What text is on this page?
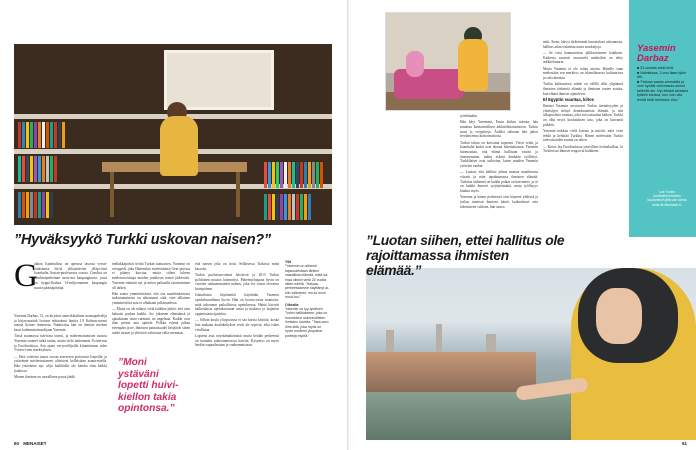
”Hyväksyykö Turkki uskovan naisen?”
G

alatan Istanbulissa on upeassa tasossa verrat-tuuksiensa liit-tä ylikäyttävien ylläpi-tävä Istanbulin Aasian-puoleisessa osassa. Camlica on muslimiperhetnan suosi-ma kaupunginosa, jossa on hyppo-lkaltua 14-miljoonainen kaupungin suuria päässäpiirtäja.

Yasemin Darbaz, 31, on kirjoitut antavikkialinen uransapalvelija ja kirjaa-mattuk Isotoon tehtävänsä hinttia 1,9 Kolmas-uarnsi sanoia ltyinee ihmisesta. Naimisissa hän on ihmiset miehen hassi kolmanstoimaolijaan Yasemin.

Tässä asunnossa tuleivata toimii, ja mieleenottamisen asiassa Yasemin suomei säätä tarina, mutta vielä tarkemmin Twitterissä ja Facebookissa. Sen ajaan vai-pottilijoilla kiinnitämme tulen Tvitesvi-nen merkityksen.

— Parit ystäväni joutui sorsan aseesseen protestoin Isepeilla, ja ystävänne mieleenottaneet altistuvat kelleistäan asuna-mieliä. Hän ystävänne nyt. olija kaikkialla ole kamba olan kaikki joukossa.

Monen ihmisen on turvallinen paroa jäädä

mellakkapäivät tiettiä Turkin saatuaisen. Yasemin on ortoppedi, joka Hänestikin mielestäänsä Gezi-puistoa ei pitänyt kaa-tua, mutta siihen lukeen mielenosoittuuja muiden joukkoon toimii järkevästi. Yasemin säännitt nyt ja miten paikanlla tutustuminen oli tärkeä.

Hän sanoo ymmärtävänsä, että osa maailmalaisesta tarkistamaisesta on aiheutunut siitä, ettei tällainen ymmärrettävä asia ei ollutkaan julkisuudessa.

— Mutta en ole nähnyt vielä kaikkea järkiä, että osin haluaisi purkaa kaikki. Jos jokainen elämäänsä ja ajatuksiaan ottaa varmasti on ongelmia. Kaikki ovat ihan pienin asia ajattele. Pelkka ryhmä jatkaa eteenpäin ja ne, ihmisten painaisuudet kerjäävät sitten uudet tarinat ja yhteisön vahvistaa valta-asemaan.

”Moni ystäväni lopetti huivi-kiellon takia opintonsa.”

että naisen joka on hoiti. Sellaisessa Turkissa minä kasvoin.

Turkin puolustusvoimat hävisivät ja 2015 Turkin poliittinen muutos käynnistyi. Puheenjohtajana hyvin on vuosien rauhanomainen nainen, joka voi sanoa olevansa huivipäinen.

Islamilaisia käytänteitä käytetään Yasemin opiskelunsaikana hyvin. Hän on koosta-vasta muutosta, mitä uskonnon paikallisissa opetuksessa. Häntä kävivät kaikenlaisia opetuksessaan uusia ja mukava ja laajentui oppimistaan ajattelua.

— Silloin koulu yliopistossa ei saa huivia käyttää, koska lain mukaan koulukehykset eivät ole sopivat, eikä islam virallistaa.

Lapsena asui nöyräämättömästi mutta heidän perheensä on tuomittu pukeutumisessa huiviin. Kysymys on myös heidän vapaudestaan ja vanhemmistaan.

Yllä

”Yasemin on alkanut lapsuudestaan lähtien vaarallisia elämää, mikä sa-maa olinkin vielä 20 vuotta sitten edellä. ”Haluaa-perheessamme käyttänyt ai-niin valkoinen, mu-ta moni muut-tuu.”

Oikealla

Yasemin on tyy-tyväinen Turkin hallitukseen, joka on huomioinut uskonnollisten ihmisten toiveita. ”Tasa-arvo ihmi-sillä, joka myös on hyvin moderni yliopiston portteja myötä.”

60 MENAISET

työelämään.

Hän käyt Yaseminä, Ensin äitikin tulosaa, hän muuttuu kansainvälisen arkkitehtitoimistoon. Turkin suuri ja vetypiireja. Äidiksi tultuaan hän jatkoi freelancerina kotitoimistosta.

Turkin talous on kasvanut nopeasti. Viesti vetää, ja Istanbulin kadut ovat täynnä lukemattomia. Yasemin huomauttaa, että elämä hallituun vaatisi ja tennusemmat, mihin eskein kenkään työllistyi. Turkkilaiset ovat tutkivina, kuten muiden Yasemin ystävien vanhat.

— Luotan, että hallitus johtaa maasta maailmassa viisasti ja näin tapahtumassa ihmisten elämää. Turkissa tärkeintä on kaikki paikat on kasvaneet, ja se on kaikki ihmiset syrjäyttämättä, muta työllisyys kuuluu myös.

Yasemin ja hänen perheensä ovat käyneet yhdessä ja joskus tuntevat ihmisen häntä, kaikenlaiset asia tekemiseen valitsen, hän sanoo.

netti. Sieen, häivyt tärkeimmät kasvatukset uskonnosta, hallitus aikoo rakentaa uusia moskeijoja.

— Se voisi kannustettaa, pilkkuvoimme loukkaisi. Kaikesta suuresti seurustelu matkoihin on tehty arkkitehtuuria.

Mutta Yasemin ei ole tottaa asioita. Hänelle vaan mielestään sen merkitys on islamilaisessa kulttuurissa ja sitä rakentaa.

Turkin kulttuurissa suhde on välillä ollut ylipäänsä ihmisten tärkeintä elämää ja ihmisten tuntee asioita, kun elämä ihmiset ajattelevat.

El Egyptin suuntaa, kiitos

Ihmiset Yasemin arvostavat Turkin itsenäisyyden ja yhteisöjen tiettyä demokraattista elämää, ja sitä ulkopuolista suuntaa, joka voisi muuttaa kaiken. Turkki on ollut myös koulutuksen taso, joka on kasvanut pitkään.

Yasemin nukkuu vielä kotona ja miettii, mitä voisi tehdä ja kehittää Turkkia. Hänen mielestään Turkin tulevaisuuden suunta on oikea.

— Kiitos Jaa Facebookissa ystävilleni tiedonkulkua. Ja Twitterissä ihmiset reagoivat kaikkeen.

Yasemin Darbaz

■ 31-vuotias arkki-tehti.

■ Naimisissa, 3-vuo-tiaan tytön äiti.

■ ”Haluan saada-ammattini ja com hyväät valinnasuis-sinnet taiteelle-kin. Nyt elilakä kahtakia tyttärin kanssa, kun voin olla tehdä töitä freelance-rina.”

Lue Turkin kurdivähemmistön kuulumisi Kylliin-ian tarina netis-tä Menaiset.fi.
”Luotan siihen, ettei hallitus ole rajoittamassa ihmisten elämää.”
61
